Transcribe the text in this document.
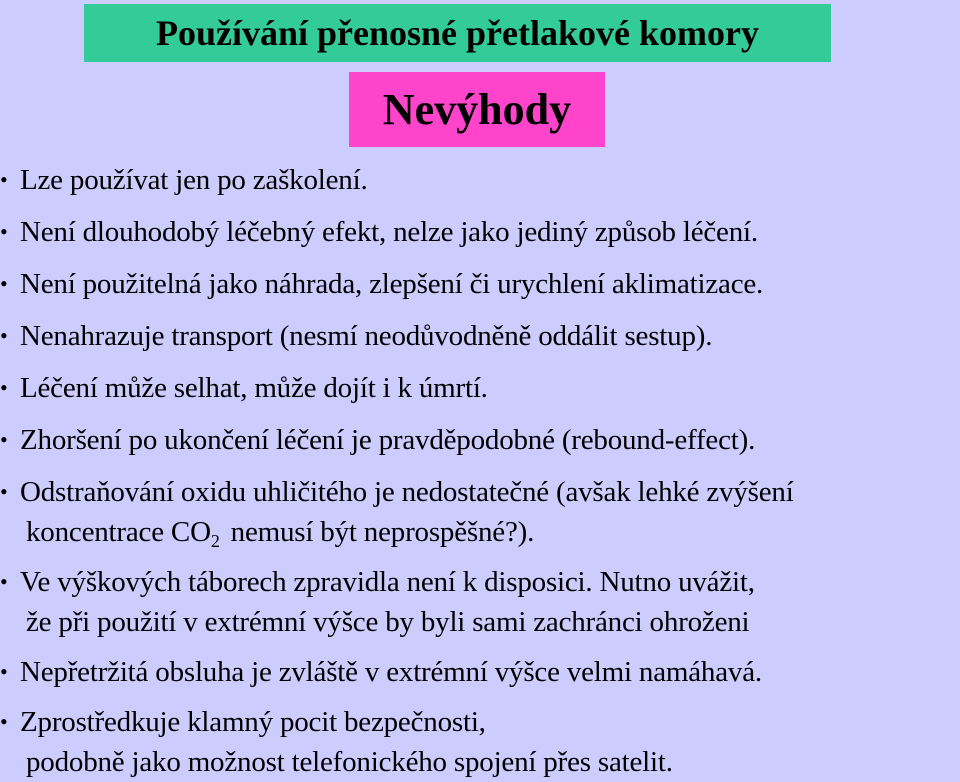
Používání přenosné přetlakové komory
Nevýhody
• Lze používat jen po zaškolení.
• Není dlouhodobý léčebný efekt, nelze jako jediný způsob léčení.
• Není použitelná jako náhrada, zlepšení či urychlení aklimatizace.
• Nenahrazuje transport (nesmí neodůvodněně oddálit sestup).
• Léčení může selhat, může dojít i k úmrtí.
• Zhoršení po ukončení léčení je pravděpodobné (rebound-effect).
• Odstraňování oxidu uhličitého je nedostatečné (avšak lehké zvýšení
koncentrace $CO_2$ nemusí být neprospěšné?).
• Ve výškových táborech zpravidla není k disposici. Nutno uvážit,
že při použití v extrémní výšce by byli sami zachránci ohroženi
• Nepřetržitá obsluha je zvláště v extrémní výšce velmi namáhavá.
• Zprostředkuje klamný pocit bezpečnosti,
podobně jako možnost telefonického spojení přes satelit.
